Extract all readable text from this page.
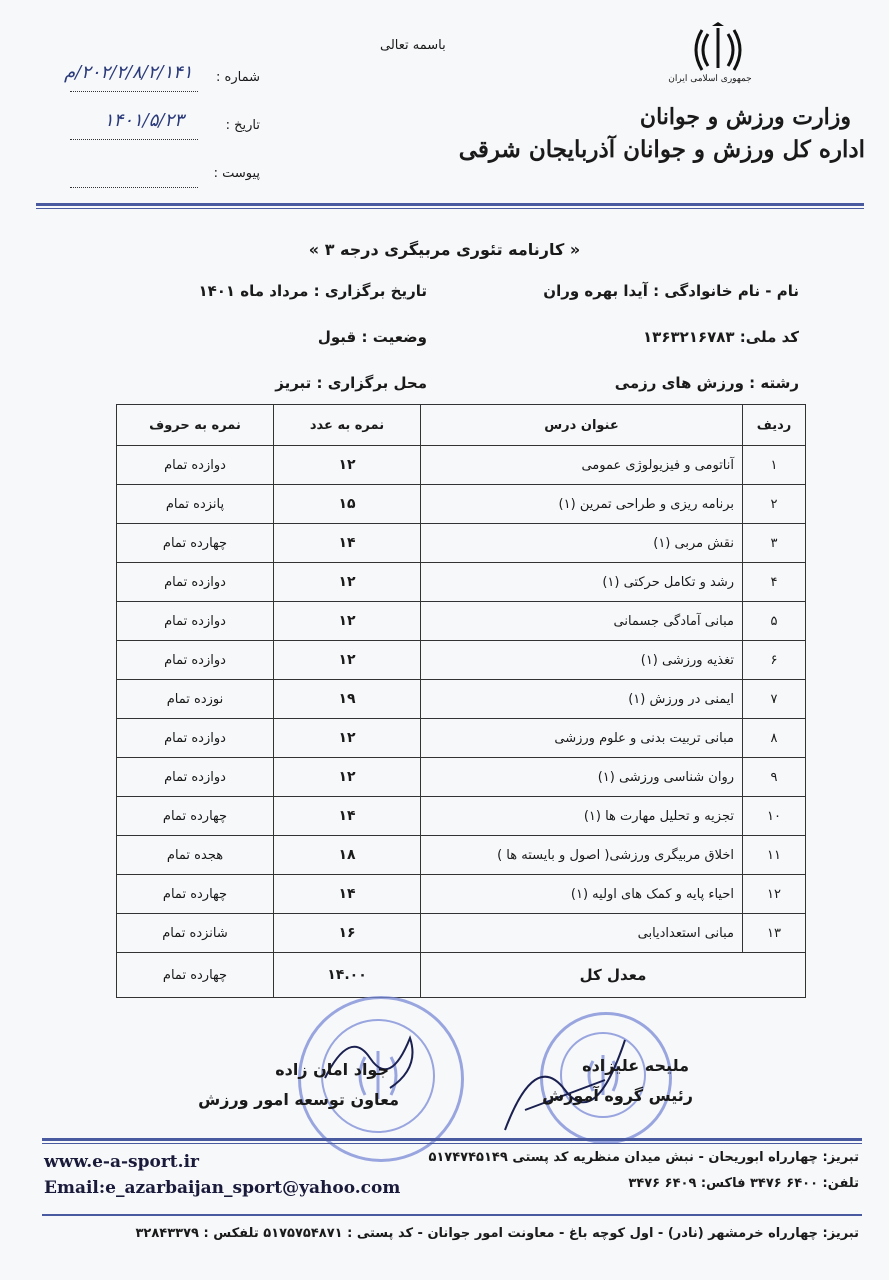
باسمه تعالی
جمهوری اسلامی ایران
وزارت ورزش و جوانان
اداره کل ورزش و جوانان آذربایجان شرقی
شماره :
۲۰۲/۲/۸/۲/۱۴۱/م
تاریخ :
۱۴۰۱/۵/۲۳
پیوست :
« کارنامه تئوری مربیگری درجه ۳ »
نام - نام خانوادگی : آیدا بهره وران
تاریخ برگزاری : مرداد ماه ۱۴۰۱
کد ملی: ۱۳۶۳۲۱۶۷۸۳
وضعیت : قبول
رشته : ورزش های رزمی
محل برگزاری : تبریز
ردیف	عنوان درس	نمره به عدد	نمره به حروف
۱	آناتومی و فیزیولوژی عمومی	۱۲	دوازده تمام
۲	برنامه ریزی و طراحی تمرین (۱)	۱۵	پانزده تمام
۳	نقش مربی (۱)	۱۴	چهارده تمام
۴	رشد و تکامل حرکتی (۱)	۱۲	دوازده تمام
۵	مبانی آمادگی جسمانی	۱۲	دوازده تمام
۶	تغذیه ورزشی (۱)	۱۲	دوازده تمام
۷	ایمنی در ورزش (۱)	۱۹	نوزده تمام
۸	مبانی تربیت بدنی و علوم ورزشی	۱۲	دوازده تمام
۹	روان شناسی ورزشی (۱)	۱۲	دوازده تمام
۱۰	تجزیه و تحلیل مهارت ها (۱)	۱۴	چهارده تمام
۱۱	اخلاق مربیگری ورزشی( اصول و بایسته ها )	۱۸	هجده تمام
۱۲	احیاء پایه و کمک های اولیه (۱)	۱۴	چهارده تمام
۱۳	مبانی استعدادیابی	۱۶	شانزده تمام
معدل کل		۱۴.۰۰	چهارده تمام
جواد امان زاده
معاون توسعه امور ورزش
ملیحه علیزاده
رئیس گروه آموزش
تبریز: چهارراه ابوریحان - نبش میدان منظریه کد پستی ۵۱۷۴۷۴۵۱۴۹
تلفن: ۶۴۰۰ ۳۴۷۶ فاکس: ۶۴۰۹ ۳۴۷۶
www.e-a-sport.ir
Email:e_azarbaijan_sport@yahoo.com
تبریز: چهارراه خرمشهر (نادر) - اول کوچه باغ - معاونت امور جوانان - کد پستی : ۵۱۷۵۷۵۴۸۷۱ تلفکس : ۳۲۸۴۳۳۷۹
